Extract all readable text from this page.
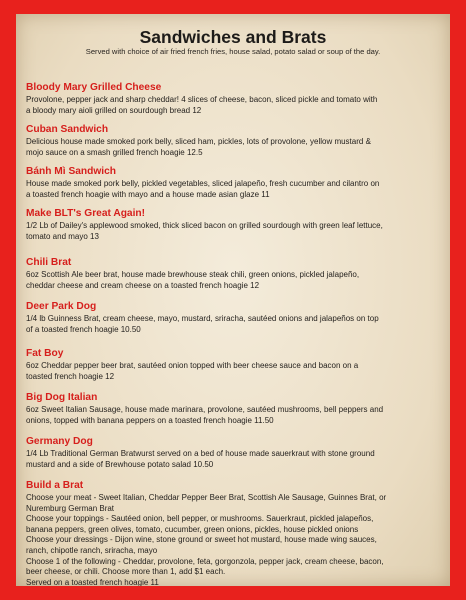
Sandwiches and Brats
Served with choice of air fried french fries, house salad, potato salad or soup of the day.
Bloody Mary Grilled Cheese
Provolone, pepper jack and sharp cheddar! 4 slices of cheese, bacon, sliced pickle and tomato with
a bloody mary aioli grilled on sourdough bread 12
Cuban Sandwich
Delicious house made smoked pork belly, sliced ham, pickles, lots of provolone, yellow mustard &
mojo sauce on a smash grilled french hoagie 12.5
Bánh Mì Sandwich
House made smoked pork belly, pickled vegetables, sliced jalapeño, fresh cucumber and cilantro on
a toasted french hoagie with mayo and a house made asian glaze 11
Make BLT's Great Again!
1/2 Lb of Dailey's applewood smoked, thick sliced bacon on grilled sourdough with green leaf lettuce,
tomato and mayo 13
Chili Brat
6oz Scottish Ale beer brat, house made brewhouse steak chili, green onions, pickled jalapeño,
cheddar cheese and cream cheese on a toasted french hoagie 12
Deer Park Dog
1/4 lb Guinness Brat, cream cheese, mayo, mustard, sriracha, sautéed onions and jalapeños on top
of a toasted french hoagie 10.50
Fat Boy
6oz Cheddar pepper beer brat, sautéed onion topped with beer cheese sauce and bacon on a
toasted french hoagie 12
Big Dog Italian
6oz Sweet Italian Sausage, house made marinara, provolone, sautéed mushrooms, bell peppers and
onions, topped with banana peppers on a toasted french hoagie 11.50
Germany Dog
1/4 Lb Traditional German Bratwurst served on a bed of house made sauerkraut with stone ground
mustard and a side of Brewhouse potato salad 10.50
Build a Brat
Choose your meat - Sweet Italian, Cheddar Pepper Beer Brat, Scottish Ale Sausage, Guinnes Brat, or
Nuremburg German Brat
Choose your toppings - Sautéed onion, bell pepper, or mushrooms. Sauerkraut, pickled jalapeños,
banana peppers, green olives, tomato, cucumber, green onions, pickles, house pickled onions
Choose your dressings - Dijon wine, stone ground or sweet hot mustard, house made wing sauces,
ranch, chipotle ranch, sriracha, mayo
Choose 1 of the following - Cheddar, provolone, feta, gorgonzola, pepper jack, cream cheese, bacon,
beer cheese, or chili. Choose more than 1, add $1 each.
Served on a toasted french hoagie 11
